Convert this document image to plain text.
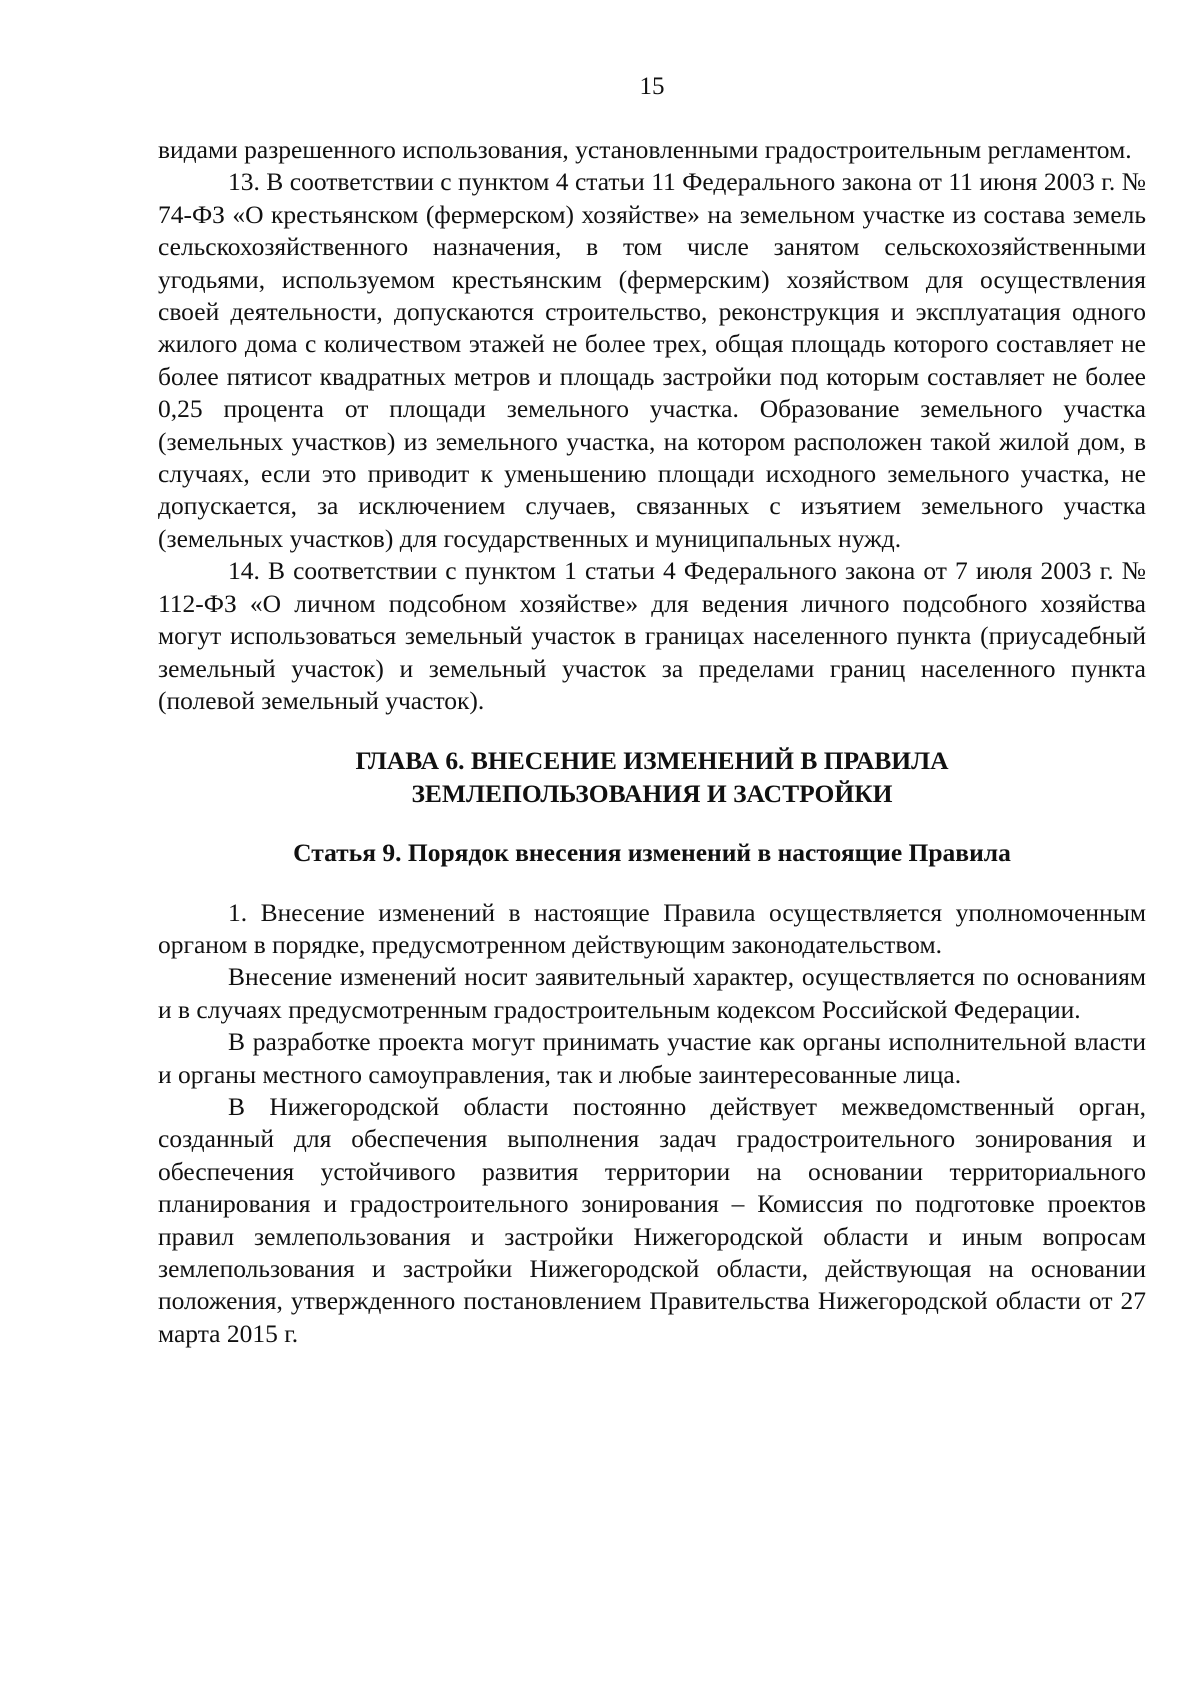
15

видами разрешенного использования, установленными градостроительным регламентом.

13. В соответствии с пунктом 4 статьи 11 Федерального закона от 11 июня 2003 г. № 74-ФЗ «О крестьянском (фермерском) хозяйстве» на земельном участке из состава земель сельскохозяйственного назначения, в том числе занятом сельскохозяйственными угодьями, используемом крестьянским (фермерским) хозяйством для осуществления своей деятельности, допускаются строительство, реконструкция и эксплуатация одного жилого дома с количеством этажей не более трех, общая площадь которого составляет не более пятисот квадратных метров и площадь застройки под которым составляет не более 0,25 процента от площади земельного участка. Образование земельного участка (земельных участков) из земельного участка, на котором расположен такой жилой дом, в случаях, если это приводит к уменьшению площади исходного земельного участка, не допускается, за исключением случаев, связанных с изъятием земельного участка (земельных участков) для государственных и муниципальных нужд.

14. В соответствии с пунктом 1 статьи 4 Федерального закона от 7 июля 2003 г. № 112-ФЗ «О личном подсобном хозяйстве» для ведения личного подсобного хозяйства могут использоваться земельный участок в границах населенного пункта (приусадебный земельный участок) и земельный участок за пределами границ населенного пункта (полевой земельный участок).

ГЛАВА 6. ВНЕСЕНИЕ ИЗМЕНЕНИЙ В ПРАВИЛА
ЗЕМЛЕПОЛЬЗОВАНИЯ И ЗАСТРОЙКИ
Статья 9. Порядок внесения изменений в настоящие Правила

1. Внесение изменений в настоящие Правила осуществляется уполномоченным органом в порядке, предусмотренном действующим законодательством.

Внесение изменений носит заявительный характер, осуществляется по основаниям и в случаях предусмотренным градостроительным кодексом Российской Федерации.

В разработке проекта могут принимать участие как органы исполнительной власти и органы местного самоуправления, так и любые заинтересованные лица.

В Нижегородской области постоянно действует межведомственный орган, созданный для обеспечения выполнения задач градостроительного зонирования и обеспечения устойчивого развития территории на основании территориального планирования и градостроительного зонирования – Комиссия по подготовке проектов правил землепользования и застройки Нижегородской области и иным вопросам землепользования и застройки Нижегородской области, действующая на основании положения, утвержденного постановлением Правительства Нижегородской области от 27 марта 2015 г.
